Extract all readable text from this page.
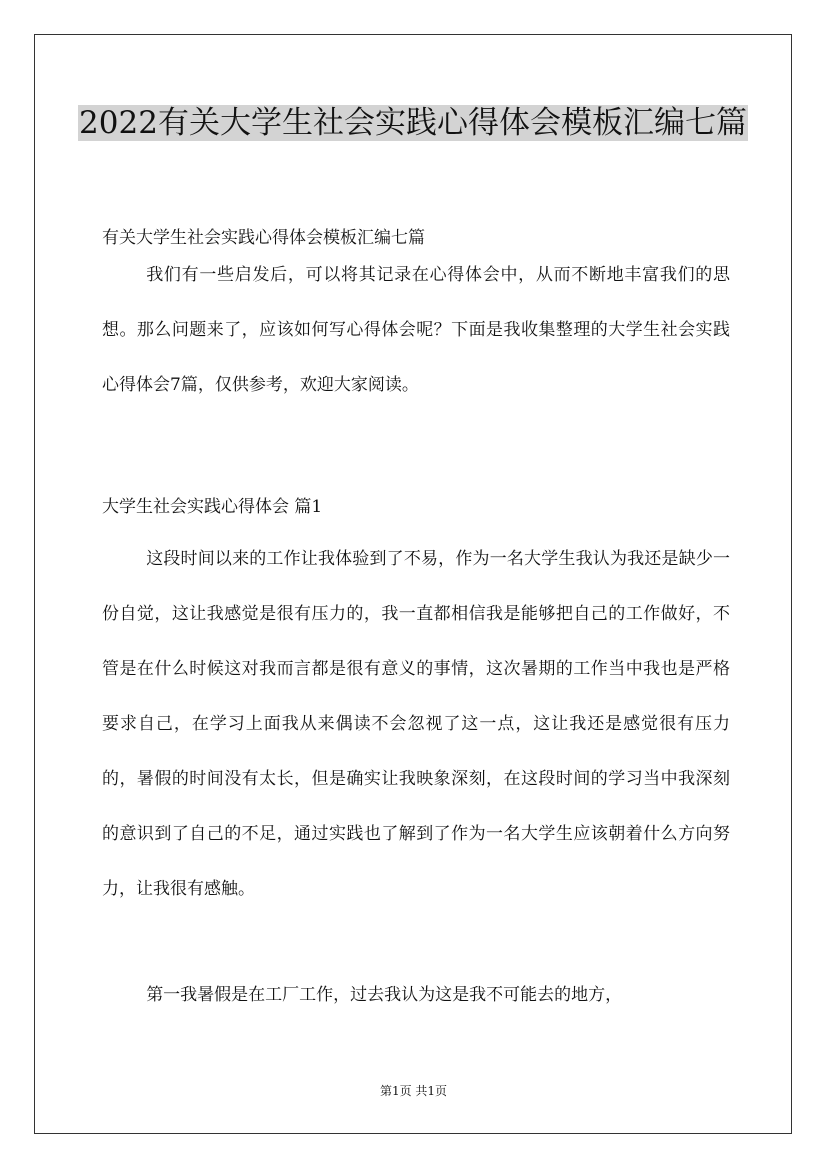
2022有关大学生社会实践心得体会模板汇编七篇
有关大学生社会实践心得体会模板汇编七篇
我们有一些启发后，可以将其记录在心得体会中，从而不断地丰富我们的思想。那么问题来了，应该如何写心得体会呢？下面是我收集整理的大学生社会实践心得体会7篇，仅供参考，欢迎大家阅读。
大学生社会实践心得体会 篇1
这段时间以来的工作让我体验到了不易，作为一名大学生我认为我还是缺少一份自觉，这让我感觉是很有压力的，我一直都相信我是能够把自己的工作做好，不管是在什么时候这对我而言都是很有意义的事情，这次暑期的工作当中我也是严格要求自己，在学习上面我从来偶读不会忽视了这一点，这让我还是感觉很有压力的，暑假的时间没有太长，但是确实让我映象深刻，在这段时间的学习当中我深刻的意识到了自己的不足，通过实践也了解到了作为一名大学生应该朝着什么方向努力，让我很有感触。
第一我暑假是在工厂工作，过去我认为这是我不可能去的地方，
第1页 共1页
